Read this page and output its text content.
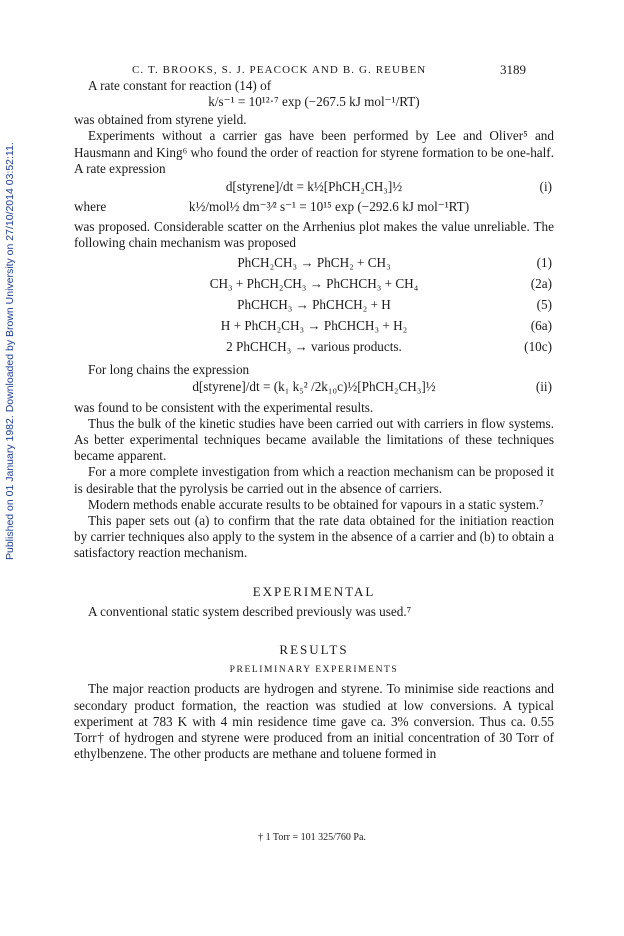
Published on 01 January 1982. Downloaded by Brown University on 27/10/2014 03:52:11.
C. T. BROOKS, S. J. PEACOCK AND B. G. REUBEN	3189

A rate constant for reaction (14) of

k/s⁻¹ = 10¹²·⁷ exp (−267.5 kJ mol⁻¹/RT)

was obtained from styrene yield.

Experiments without a carrier gas have been performed by Lee and Oliver⁵ and Hausmann and King⁶ who found the order of reaction for styrene formation to be one-half. A rate expression

d[styrene]/dt = k½[PhCH₂CH₃]½	(i)
where	k½/mol½ dm⁻³⁄² s⁻¹ = 10¹⁵ exp (−292.6 kJ mol⁻¹RT)

was proposed. Considerable scatter on the Arrhenius plot makes the value unreliable. The following chain mechanism was proposed

PhCH₂CH₃ → PhCH₂ + CH₃	(1)
CH₃ + PhCH₂CH₃ → PhCHCH₃ + CH₄	(2a)
PhCHCH₃ → PhCHCH₂ + H	(5)
H + PhCH₂CH₃ → PhCHCH₃ + H₂	(6a)
2 PhCHCH₃ → various products.	(10c)

For long chains the expression

d[styrene]/dt = (k₁ k₅² /2k₁₀c)½[PhCH₂CH₃]½	(ii)

was found to be consistent with the experimental results.

Thus the bulk of the kinetic studies have been carried out with carriers in flow systems. As better experimental techniques became available the limitations of these techniques became apparent.

For a more complete investigation from which a reaction mechanism can be proposed it is desirable that the pyrolysis be carried out in the absence of carriers.

Modern methods enable accurate results to be obtained for vapours in a static system.⁷

This paper sets out (a) to confirm that the rate data obtained for the initiation reaction by carrier techniques also apply to the system in the absence of a carrier and (b) to obtain a satisfactory reaction mechanism.

EXPERIMENTAL

A conventional static system described previously was used.⁷

RESULTS

PRELIMINARY EXPERIMENTS

The major reaction products are hydrogen and styrene. To minimise side reactions and secondary product formation, the reaction was studied at low conversions. A typical experiment at 783 K with 4 min residence time gave ca. 3% conversion. Thus ca. 0.55 Torr† of hydrogen and styrene were produced from an initial concentration of 30 Torr of ethylbenzene. The other products are methane and toluene formed in

† 1 Torr = 101 325/760 Pa.
